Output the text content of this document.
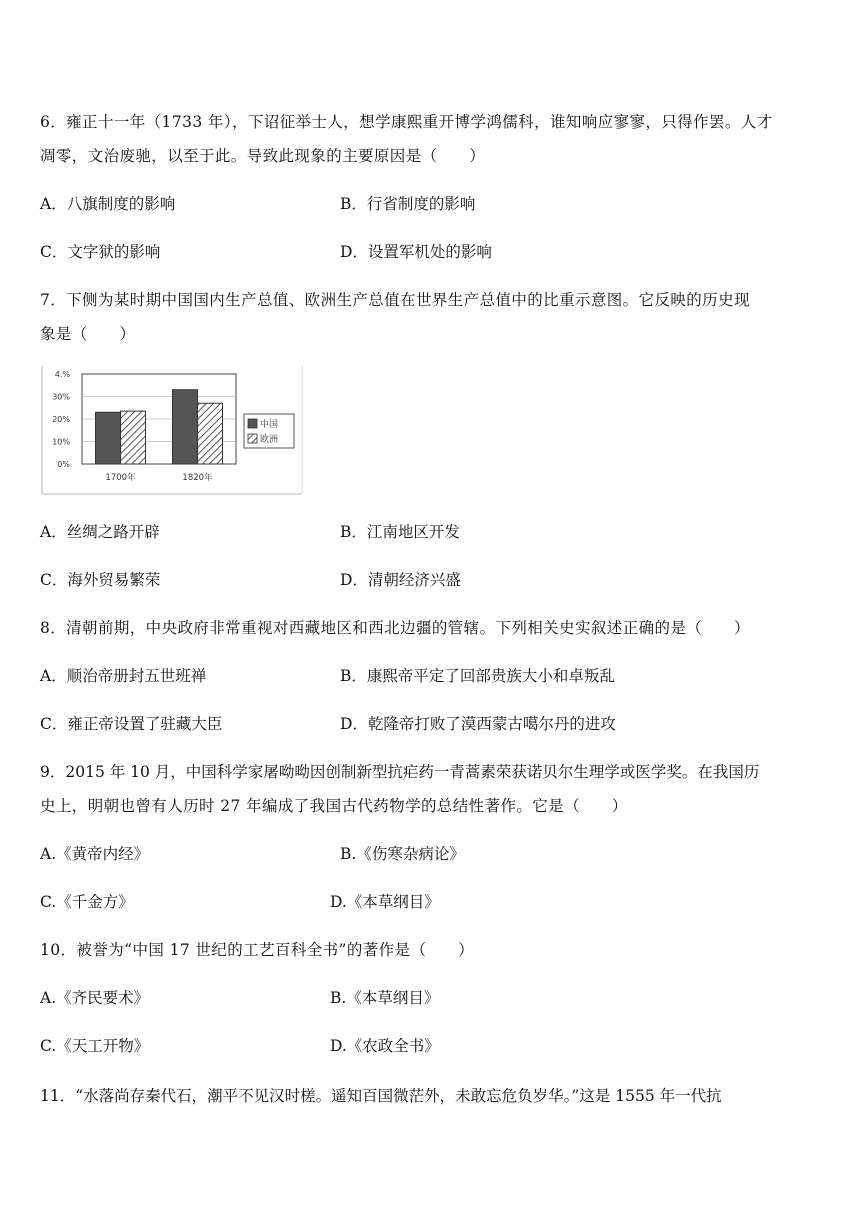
6．雍正十一年（1733 年），下诏征举士人，想学康熙重开博学鸿儒科，谁知响应寥寥，只得作罢。人才
凋零，文治废驰，以至于此。导致此现象的主要原因是（　　）
A．八旗制度的影响	B．行省制度的影响
C．文字狱的影响	D．设置军机处的影响
7．下侧为某时期中国国内生产总值、欧洲生产总值在世界生产总值中的比重示意图。它反映的历史现
象是（　　）
4.%
30%
20%
10%
0%
1700年	1820年
中国
欧洲
A．丝绸之路开辟	B．江南地区开发
C．海外贸易繁荣	D．清朝经济兴盛
8．清朝前期，中央政府非常重视对西藏地区和西北边疆的管辖。下列相关史实叙述正确的是（　　）
A．顺治帝册封五世班禅	B．康熙帝平定了回部贵族大小和卓叛乱
C．雍正帝设置了驻藏大臣	D．乾隆帝打败了漠西蒙古噶尔丹的进攻
9．2015 年 10 月，中国科学家屠呦呦因创制新型抗疟药一青蒿素荣获诺贝尔生理学或医学奖。在我国历
史上，明朝也曾有人历时 27 年编成了我国古代药物学的总结性著作。它是（　　）
A.《黄帝内经》	B.《伤寒杂病论》
C.《千金方》	D.《本草纲目》
10．被誉为“中国 17 世纪的工艺百科全书”的著作是（　　）
A.《齐民要术》	B.《本草纲目》
C.《天工开物》	D.《农政全书》
11．“水落尚存秦代石，潮平不见汉时槎。遥知百国微茫外，未敢忘危负岁华。”这是 1555 年一代抗
